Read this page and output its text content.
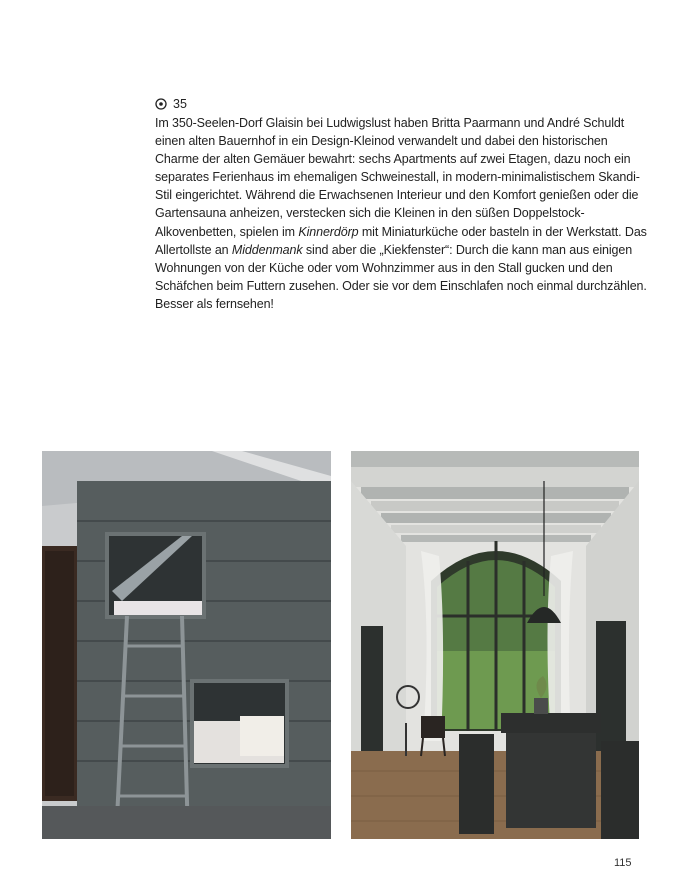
35

Im 350-Seelen-Dorf Glaisin bei Ludwigslust haben Britta Paarmann und André Schuldt einen alten Bauernhof in ein Design-Kleinod verwandelt und dabei den historischen Charme der alten Gemäuer bewahrt: sechs Apartments auf zwei Etagen, dazu noch ein separates Ferienhaus im ehemaligen Schweinestall, in modern-minimalistischem Skandi-Stil eingerichtet. Während die Erwachsenen Interieur und den Komfort genießen oder die Gartensauna anheizen, verstecken sich die Kleinen in den süßen Doppelstock-Alkovenbetten, spielen im Kinnerdörp mit Miniaturküche oder basteln in der Werkstatt. Das Allertollste an Middenmank sind aber die „Kiekfenster“: Durch die kann man aus einigen Wohnungen von der Küche oder vom Wohnzimmer aus in den Stall gucken und den Schäfchen beim Futtern zusehen. Oder sie vor dem Einschlafen noch einmal durchzählen. Besser als fernsehen!

115
